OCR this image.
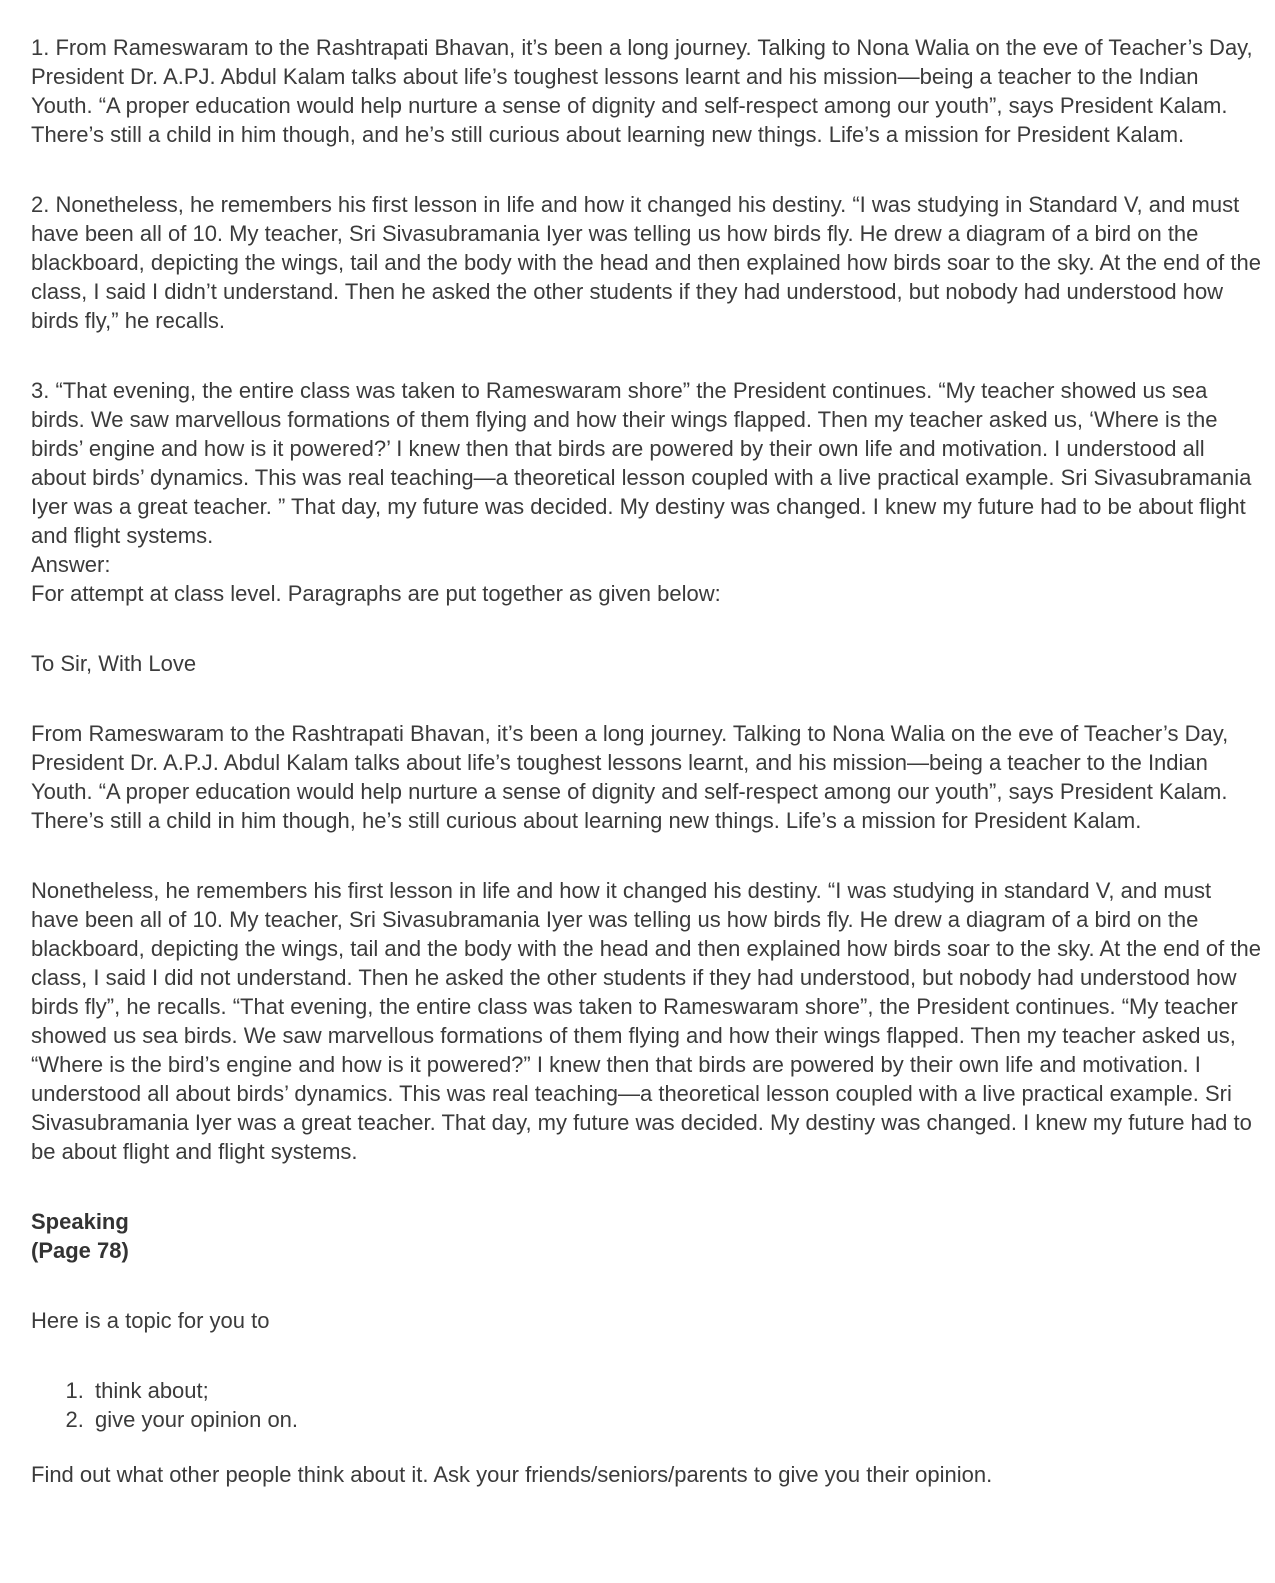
1. From Rameswaram to the Rashtrapati Bhavan, it’s been a long journey. Talking to Nona Walia on the eve of Teacher’s Day, President Dr. A.PJ. Abdul Kalam talks about life’s toughest lessons learnt and his mission—being a teacher to the Indian Youth. “A proper education would help nurture a sense of dignity and self-respect among our youth”, says President Kalam. There’s still a child in him though, and he’s still curious about learning new things. Life’s a mission for President Kalam.

2. Nonetheless, he remembers his first lesson in life and how it changed his destiny. “I was studying in Standard V, and must have been all of 10. My teacher, Sri Sivasubramania Iyer was telling us how birds fly. He drew a diagram of a bird on the blackboard, depicting the wings, tail and the body with the head and then explained how birds soar to the sky. At the end of the class, I said I didn’t understand. Then he asked the other students if they had understood, but nobody had understood how birds fly,” he recalls.

3. “That evening, the entire class was taken to Rameswaram shore” the President continues. “My teacher showed us sea birds. We saw marvellous formations of them flying and how their wings flapped. Then my teacher asked us, ‘Where is the birds’ engine and how is it powered?’ I knew then that birds are powered by their own life and motivation. I understood all about birds’ dynamics. This was real teaching—a theoretical lesson coupled with a live practical example. Sri Sivasubramania Iyer was a great teacher. ” That day, my future was decided. My destiny was changed. I knew my future had to be about flight and flight systems.
Answer:
For attempt at class level. Paragraphs are put together as given below:

To Sir, With Love

From Rameswaram to the Rashtrapati Bhavan, it’s been a long journey. Talking to Nona Walia on the eve of Teacher’s Day, President Dr. A.P.J. Abdul Kalam talks about life’s toughest lessons learnt, and his mission—being a teacher to the Indian Youth. “A proper education would help nurture a sense of dignity and self-respect among our youth”, says President Kalam. There’s still a child in him though, he’s still curious about learning new things. Life’s a mission for President Kalam.

Nonetheless, he remembers his first lesson in life and how it changed his destiny. “I was studying in standard V, and must have been all of 10. My teacher, Sri Sivasubramania Iyer was telling us how birds fly. He drew a diagram of a bird on the blackboard, depicting the wings, tail and the body with the head and then explained how birds soar to the sky. At the end of the class, I said I did not understand. Then he asked the other students if they had understood, but nobody had understood how birds fly”, he recalls. “That evening, the entire class was taken to Rameswaram shore”, the President continues. “My teacher showed us sea birds. We saw marvellous formations of them flying and how their wings flapped. Then my teacher asked us, “Where is the bird’s engine and how is it powered?” I knew then that birds are powered by their own life and motivation. I understood all about birds’ dynamics. This was real teaching—a theoretical lesson coupled with a live practical example. Sri Sivasubramania Iyer was a great teacher. That day, my future was decided. My destiny was changed. I knew my future had to be about flight and flight systems.

Speaking
(Page 78)

Here is a topic for you to

1. think about;
2. give your opinion on.

Find out what other people think about it. Ask your friends/seniors/parents to give you their opinion.
